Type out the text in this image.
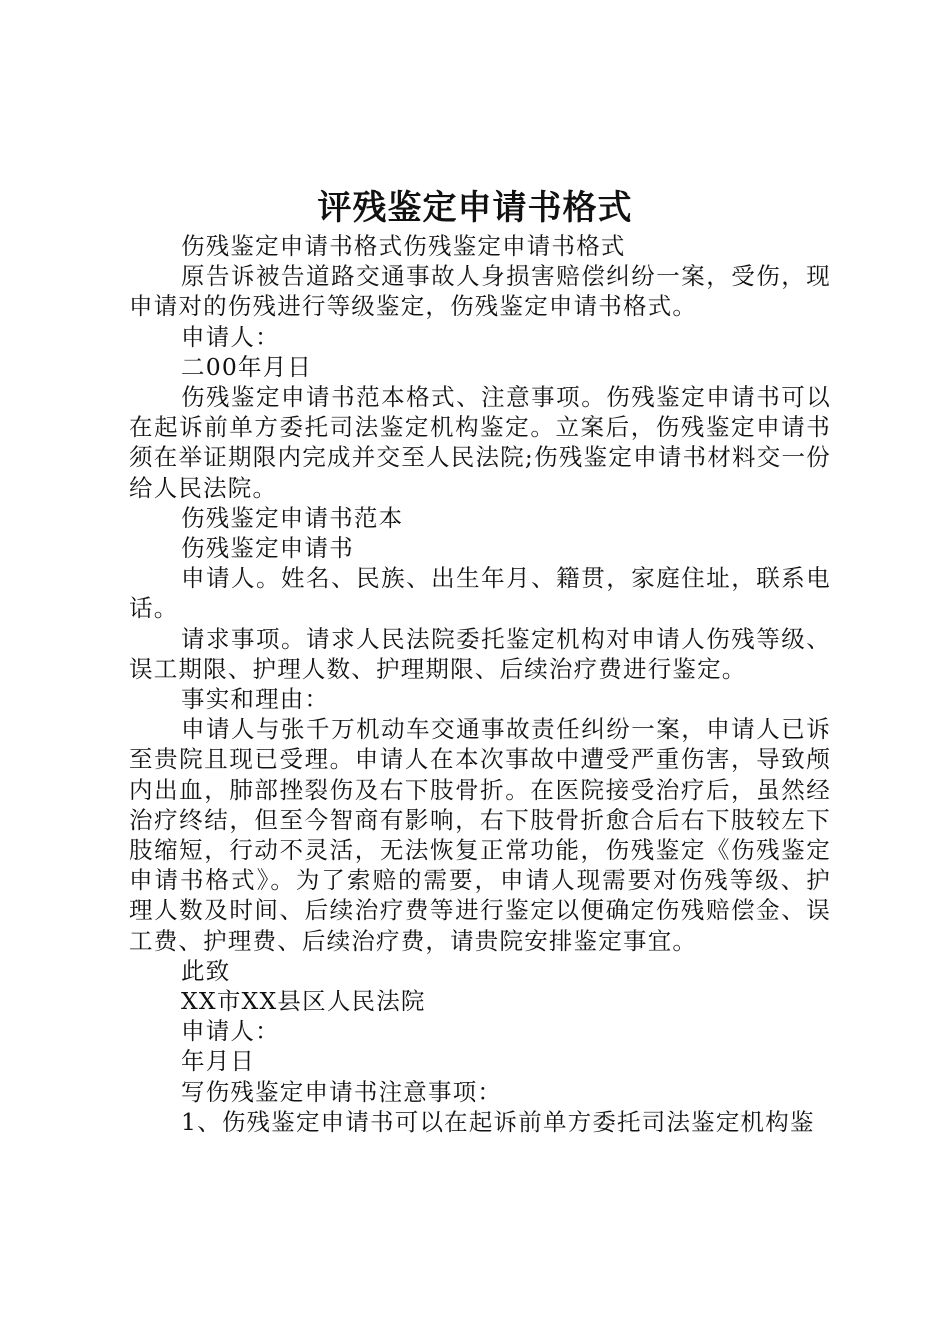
评残鉴定申请书格式

伤残鉴定申请书格式伤残鉴定申请书格式

原告诉被告道路交通事故人身损害赔偿纠纷一案，受伤，现申请对的伤残进行等级鉴定，伤残鉴定申请书格式。

申请人：

二00年月日

伤残鉴定申请书范本格式、注意事项。伤残鉴定申请书可以在起诉前单方委托司法鉴定机构鉴定。立案后，伤残鉴定申请书须在举证期限内完成并交至人民法院;伤残鉴定申请书材料交一份给人民法院。

伤残鉴定申请书范本

伤残鉴定申请书

申请人。姓名、民族、出生年月、籍贯，家庭住址，联系电话。

请求事项。请求人民法院委托鉴定机构对申请人伤残等级、误工期限、护理人数、护理期限、后续治疗费进行鉴定。

事实和理由：

申请人与张千万机动车交通事故责任纠纷一案，申请人已诉至贵院且现已受理。申请人在本次事故中遭受严重伤害，导致颅内出血，肺部挫裂伤及右下肢骨折。在医院接受治疗后，虽然经治疗终结，但至今智商有影响，右下肢骨折愈合后右下肢较左下肢缩短，行动不灵活，无法恢复正常功能，伤残鉴定《伤残鉴定申请书格式》。为了索赔的需要，申请人现需要对伤残等级、护理人数及时间、后续治疗费等进行鉴定以便确定伤残赔偿金、误工费、护理费、后续治疗费，请贵院安排鉴定事宜。

此致

XX市XX县区人民法院

申请人：

年月日

写伤残鉴定申请书注意事项：

1、伤残鉴定申请书可以在起诉前单方委托司法鉴定机构鉴
